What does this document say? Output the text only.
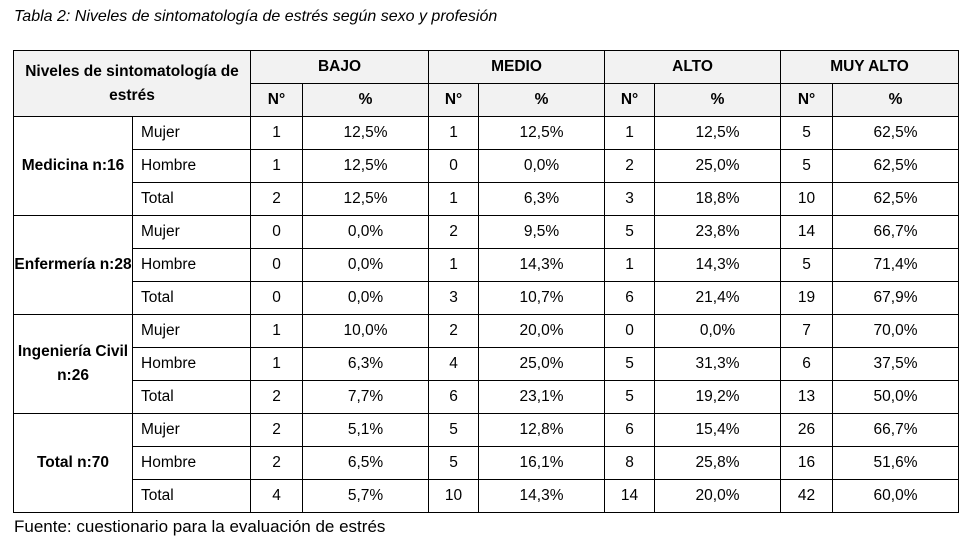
Tabla 2: Niveles de sintomatología de estrés según sexo y profesión
Niveles de sintomatología de estrés		BAJO		MEDIO		ALTO		MUY ALTO	
		N°	%	N°	%	N°	%	N°	%
Medicina n:16	Mujer	1	12,5%	1	12,5%	1	12,5%	5	62,5%
	Hombre	1	12,5%	0	0,0%	2	25,0%	5	62,5%
	Total	2	12,5%	1	6,3%	3	18,8%	10	62,5%
Enfermería n:28	Mujer	0	0,0%	2	9,5%	5	23,8%	14	66,7%
	Hombre	0	0,0%	1	14,3%	1	14,3%	5	71,4%
	Total	0	0,0%	3	10,7%	6	21,4%	19	67,9%
Ingeniería Civil n:26	Mujer	1	10,0%	2	20,0%	0	0,0%	7	70,0%
	Hombre	1	6,3%	4	25,0%	5	31,3%	6	37,5%
	Total	2	7,7%	6	23,1%	5	19,2%	13	50,0%
Total n:70	Mujer	2	5,1%	5	12,8%	6	15,4%	26	66,7%
	Hombre	2	6,5%	5	16,1%	8	25,8%	16	51,6%
	Total	4	5,7%	10	14,3%	14	20,0%	42	60,0%
Fuente: cuestionario para la evaluación de estrés
